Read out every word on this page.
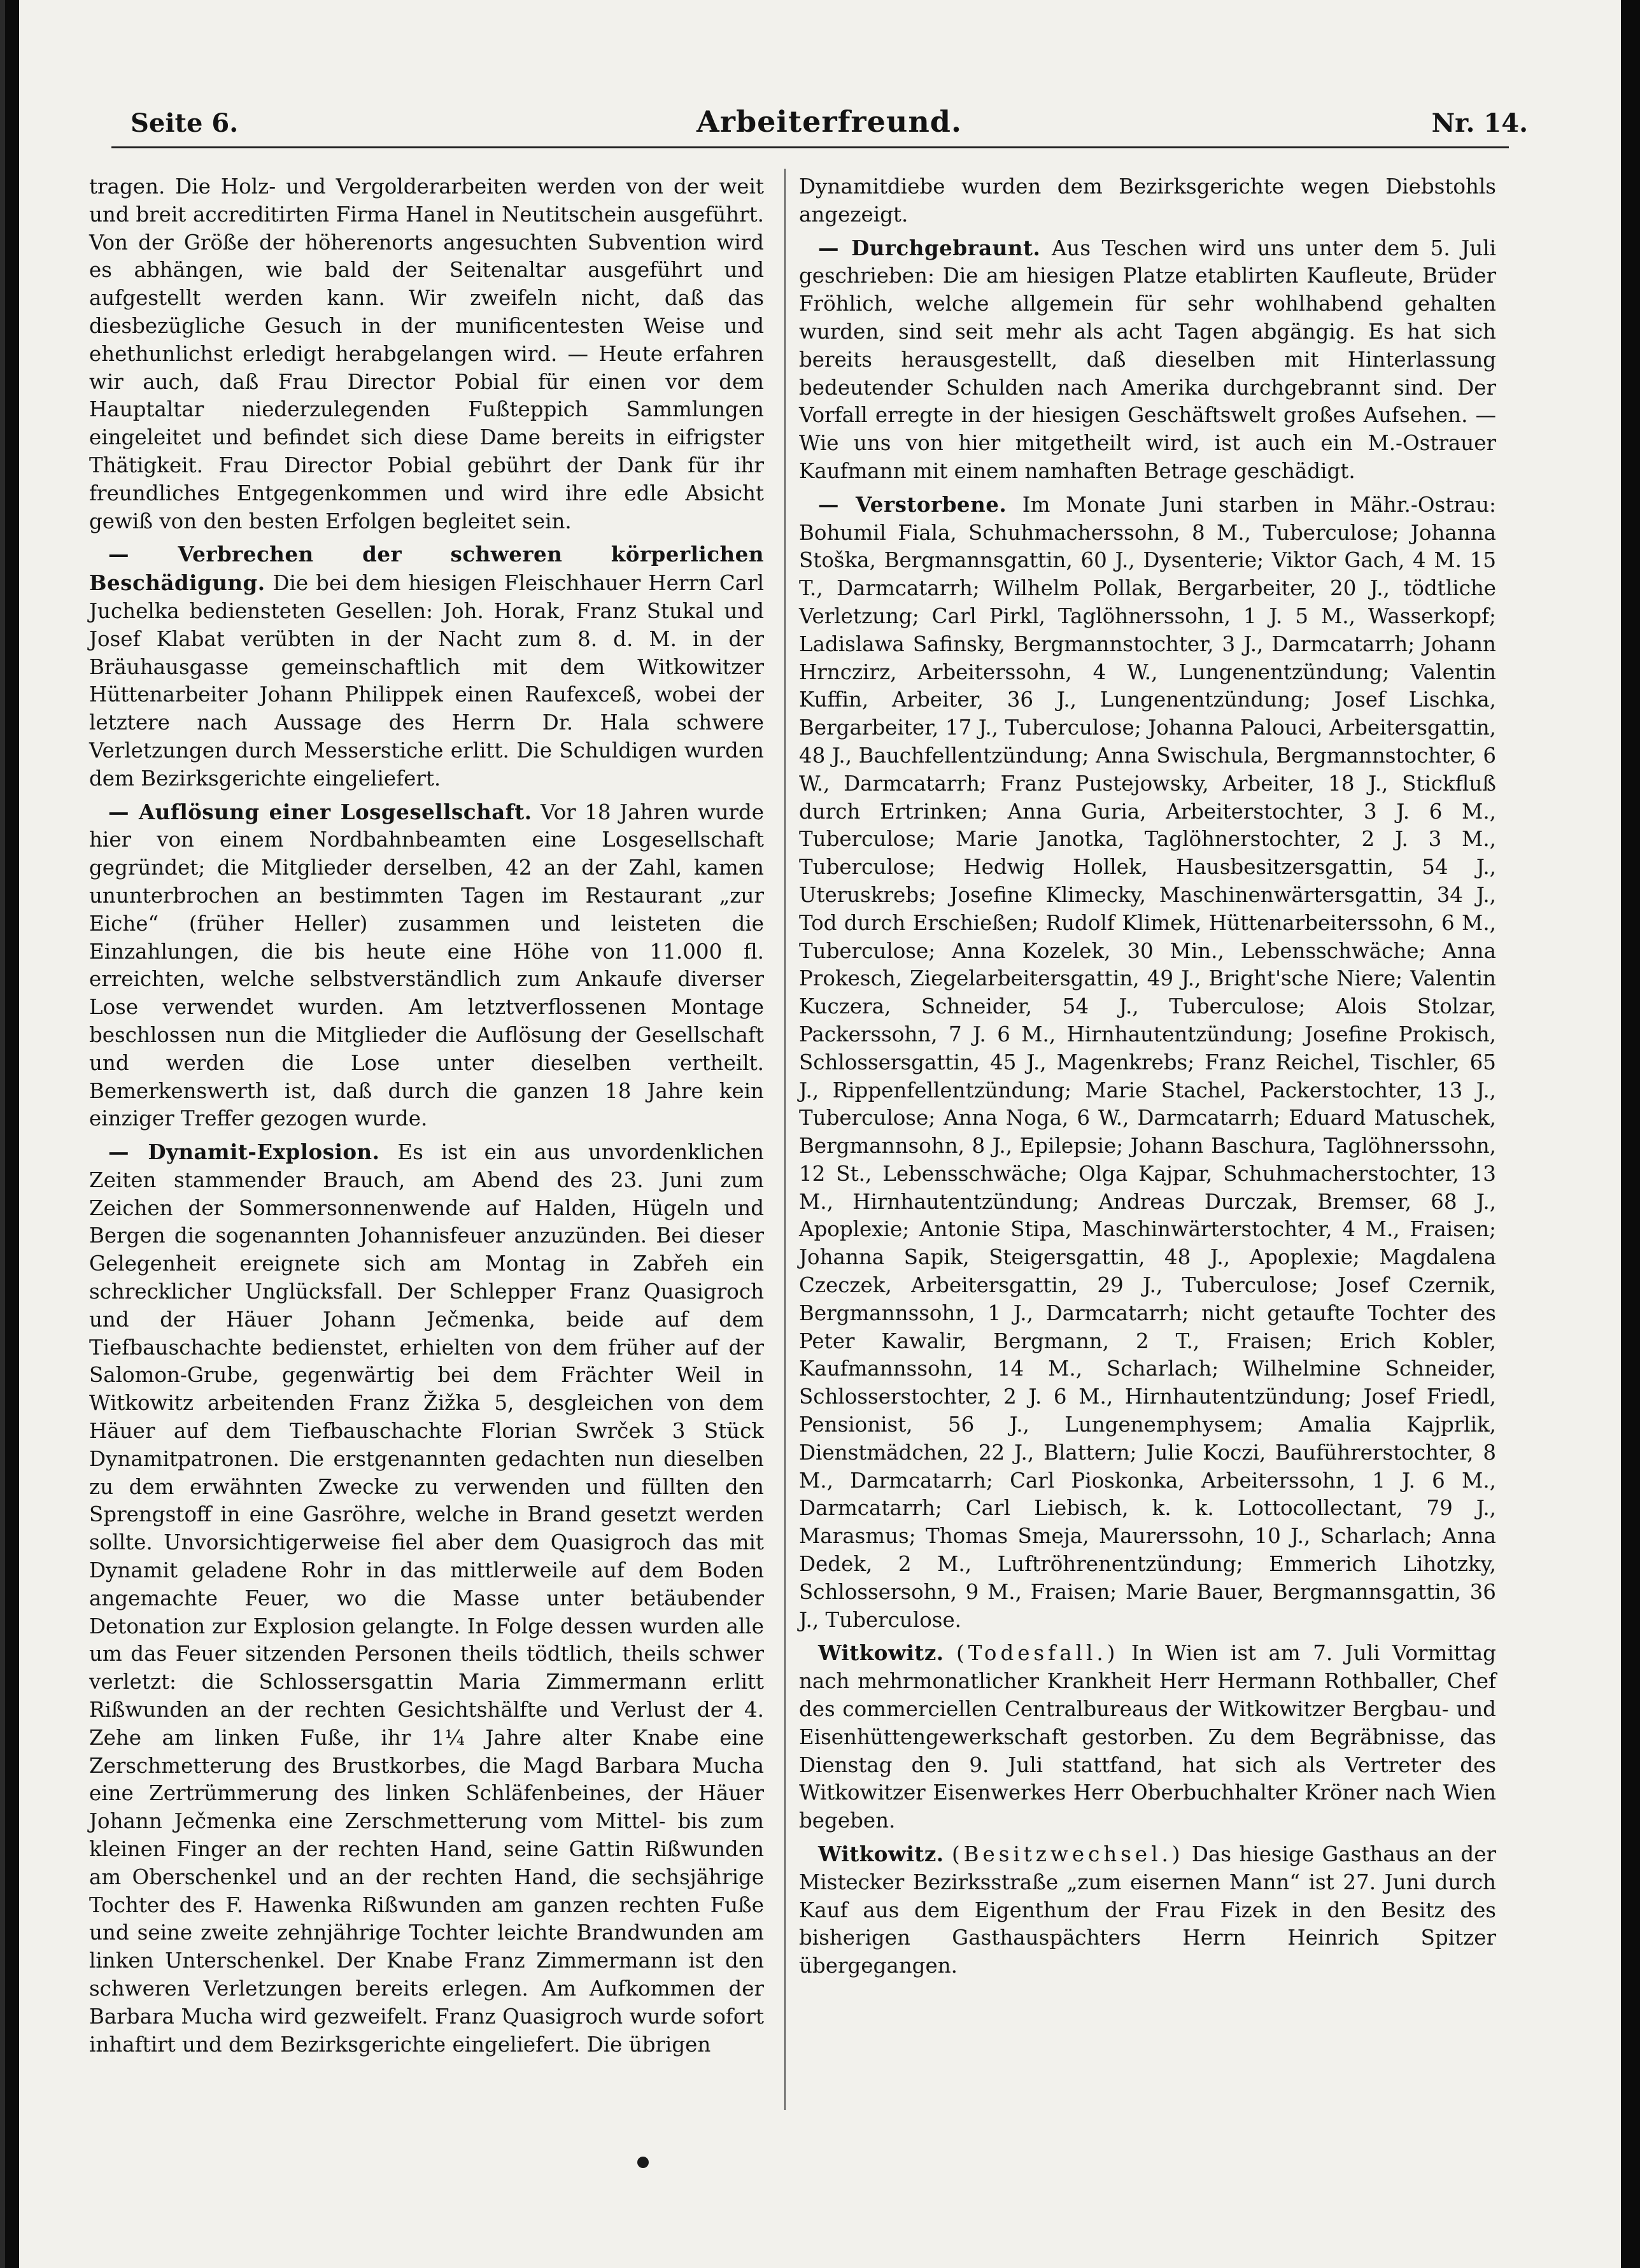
Seite 6.	Arbeiterfreund.	Nr. 14.

tragen. Die Holz- und Vergolderarbeiten werden von der weit und breit accreditirten Firma Hanel in Neutitschein ausgeführt. Von der Größe der höherenorts angesuchten Subvention wird es abhängen, wie bald der Seitenaltar ausgeführt und aufgestellt werden kann. Wir zweifeln nicht, daß das diesbezügliche Gesuch in der munificentesten Weise und ehethunlichst erledigt herabgelangen wird. — Heute erfahren wir auch, daß Frau Director Pobial für einen vor dem Hauptaltar niederzulegenden Fußteppich Sammlungen eingeleitet und befindet sich diese Dame bereits in eifrigster Thätigkeit. Frau Director Pobial gebührt der Dank für ihr freundliches Entgegenkommen und wird ihre edle Absicht gewiß von den besten Erfolgen begleitet sein.

— Verbrechen der schweren körperlichen Beschädigung. Die bei dem hiesigen Fleischhauer Herrn Carl Juchelka bediensteten Gesellen: Joh. Horak, Franz Stukal und Josef Klabat verübten in der Nacht zum 8. d. M. in der Bräuhausgasse gemeinschaftlich mit dem Witkowitzer Hüttenarbeiter Johann Philippek einen Raufexceß, wobei der letztere nach Aussage des Herrn Dr. Hala schwere Verletzungen durch Messerstiche erlitt. Die Schuldigen wurden dem Bezirksgerichte eingeliefert.

— Auflösung einer Losgesellschaft. Vor 18 Jahren wurde hier von einem Nordbahnbeamten eine Losgesellschaft gegründet; die Mitglieder derselben, 42 an der Zahl, kamen ununterbrochen an bestimmten Tagen im Restaurant „zur Eiche“ (früher Heller) zusammen und leisteten die Einzahlungen, die bis heute eine Höhe von 11.000 fl. erreichten, welche selbstverständlich zum Ankaufe diverser Lose verwendet wurden. Am letztverflossenen Montage beschlossen nun die Mitglieder die Auflösung der Gesellschaft und werden die Lose unter dieselben vertheilt. Bemerkenswerth ist, daß durch die ganzen 18 Jahre kein einziger Treffer gezogen wurde.

— Dynamit-Explosion. Es ist ein aus unvordenklichen Zeiten stammender Brauch, am Abend des 23. Juni zum Zeichen der Sommersonnenwende auf Halden, Hügeln und Bergen die sogenannten Johannisfeuer anzuzünden. Bei dieser Gelegenheit ereignete sich am Montag in Zabřeh ein schrecklicher Unglücksfall. Der Schlepper Franz Quasigroch und der Häuer Johann Ječmenka, beide auf dem Tiefbauschachte bedienstet, erhielten von dem früher auf der Salomon-Grube, gegenwärtig bei dem Frächter Weil in Witkowitz arbeitenden Franz Žižka 5, desgleichen von dem Häuer auf dem Tiefbauschachte Florian Swrček 3 Stück Dynamitpatronen. Die erstgenannten gedachten nun dieselben zu dem erwähnten Zwecke zu verwenden und füllten den Sprengstoff in eine Gasröhre, welche in Brand gesetzt werden sollte. Unvorsichtigerweise fiel aber dem Quasigroch das mit Dynamit geladene Rohr in das mittlerweile auf dem Boden angemachte Feuer, wo die Masse unter betäubender Detonation zur Explosion gelangte. In Folge dessen wurden alle um das Feuer sitzenden Personen theils tödtlich, theils schwer verletzt: die Schlossersgattin Maria Zimmermann erlitt Rißwunden an der rechten Gesichtshälfte und Verlust der 4. Zehe am linken Fuße, ihr 1¼ Jahre alter Knabe eine Zerschmetterung des Brustkorbes, die Magd Barbara Mucha eine Zertrümmerung des linken Schläfenbeines, der Häuer Johann Ječmenka eine Zerschmetterung vom Mittel- bis zum kleinen Finger an der rechten Hand, seine Gattin Rißwunden am Oberschenkel und an der rechten Hand, die sechsjährige Tochter des F. Hawenka Rißwunden am ganzen rechten Fuße und seine zweite zehnjährige Tochter leichte Brandwunden am linken Unterschenkel. Der Knabe Franz Zimmermann ist den schweren Verletzungen bereits erlegen. Am Aufkommen der Barbara Mucha wird gezweifelt. Franz Quasigroch wurde sofort inhaftirt und dem Bezirksgerichte eingeliefert. Die übrigen

Dynamitdiebe wurden dem Bezirksgerichte wegen Diebstohls angezeigt.

— Durchgebraunt. Aus Teschen wird uns unter dem 5. Juli geschrieben: Die am hiesigen Platze etablirten Kaufleute, Brüder Fröhlich, welche allgemein für sehr wohlhabend gehalten wurden, sind seit mehr als acht Tagen abgängig. Es hat sich bereits herausgestellt, daß dieselben mit Hinterlassung bedeutender Schulden nach Amerika durchgebrannt sind. Der Vorfall erregte in der hiesigen Geschäftswelt großes Aufsehen. — Wie uns von hier mitgetheilt wird, ist auch ein M.-Ostrauer Kaufmann mit einem namhaften Betrage geschädigt.

— Verstorbene. Im Monate Juni starben in Mähr.-Ostrau: Bohumil Fiala, Schuhmacherssohn, 8 M., Tuberculose; Johanna Stoška, Bergmannsgattin, 60 J., Dysenterie; Viktor Gach, 4 M. 15 T., Darmcatarrh; Wilhelm Pollak, Bergarbeiter, 20 J., tödtliche Verletzung; Carl Pirkl, Taglöhnerssohn, 1 J. 5 M., Wasserkopf; Ladislawa Safinsky, Bergmannstochter, 3 J., Darmcatarrh; Johann Hrnczirz, Arbeiterssohn, 4 W., Lungenentzündung; Valentin Kuffin, Arbeiter, 36 J., Lungenentzündung; Josef Lischka, Bergarbeiter, 17 J., Tuberculose; Johanna Palouci, Arbeitersgattin, 48 J., Bauchfellentzündung; Anna Swischula, Bergmannstochter, 6 W., Darmcatarrh; Franz Pustejowsky, Arbeiter, 18 J., Stickfluß durch Ertrinken; Anna Guria, Arbeiterstochter, 3 J. 6 M., Tuberculose; Marie Janotka, Taglöhnerstochter, 2 J. 3 M., Tuberculose; Hedwig Hollek, Hausbesitzersgattin, 54 J., Uteruskrebs; Josefine Klimecky, Maschinenwärtersgattin, 34 J., Tod durch Erschießen; Rudolf Klimek, Hüttenarbeiterssohn, 6 M., Tuberculose; Anna Kozelek, 30 Min., Lebensschwäche; Anna Prokesch, Ziegelarbeitersgattin, 49 J., Bright'sche Niere; Valentin Kuczera, Schneider, 54 J., Tuberculose; Alois Stolzar, Packerssohn, 7 J. 6 M., Hirnhautentzündung; Josefine Prokisch, Schlossersgattin, 45 J., Magenkrebs; Franz Reichel, Tischler, 65 J., Rippenfellentzündung; Marie Stachel, Packerstochter, 13 J., Tuberculose; Anna Noga, 6 W., Darmcatarrh; Eduard Matuschek, Bergmannsohn, 8 J., Epilepsie; Johann Baschura, Taglöhnerssohn, 12 St., Lebensschwäche; Olga Kajpar, Schuhmacherstochter, 13 M., Hirnhautentzündung; Andreas Durczak, Bremser, 68 J., Apoplexie; Antonie Stipa, Maschinwärterstochter, 4 M., Fraisen; Johanna Sapik, Steigersgattin, 48 J., Apoplexie; Magdalena Czeczek, Arbeitersgattin, 29 J., Tuberculose; Josef Czernik, Bergmannssohn, 1 J., Darmcatarrh; nicht getaufte Tochter des Peter Kawalir, Bergmann, 2 T., Fraisen; Erich Kobler, Kaufmannssohn, 14 M., Scharlach; Wilhelmine Schneider, Schlosserstochter, 2 J. 6 M., Hirnhautentzündung; Josef Friedl, Pensionist, 56 J., Lungenemphysem; Amalia Kajprlik, Dienstmädchen, 22 J., Blattern; Julie Koczi, Bauführerstochter, 8 M., Darmcatarrh; Carl Pioskonka, Arbeiterssohn, 1 J. 6 M., Darmcatarrh; Carl Liebisch, k. k. Lottocollectant, 79 J., Marasmus; Thomas Smeja, Maurerssohn, 10 J., Scharlach; Anna Dedek, 2 M., Luftröhrenentzündung; Emmerich Lihotzky, Schlossersohn, 9 M., Fraisen; Marie Bauer, Bergmannsgattin, 36 J., Tuberculose.

Witkowitz. (Todesfall.) In Wien ist am 7. Juli Vormittag nach mehrmonatlicher Krankheit Herr Hermann Rothballer, Chef des commerciellen Centralbureaus der Witkowitzer Bergbau- und Eisenhüttengewerkschaft gestorben. Zu dem Begräbnisse, das Dienstag den 9. Juli stattfand, hat sich als Vertreter des Witkowitzer Eisenwerkes Herr Oberbuchhalter Kröner nach Wien begeben.

Witkowitz. (Besitzwechsel.) Das hiesige Gasthaus an der Mistecker Bezirksstraße „zum eisernen Mann“ ist 27. Juni durch Kauf aus dem Eigenthum der Frau Fizek in den Besitz des bisherigen Gasthauspächters Herrn Heinrich Spitzer übergegangen.
